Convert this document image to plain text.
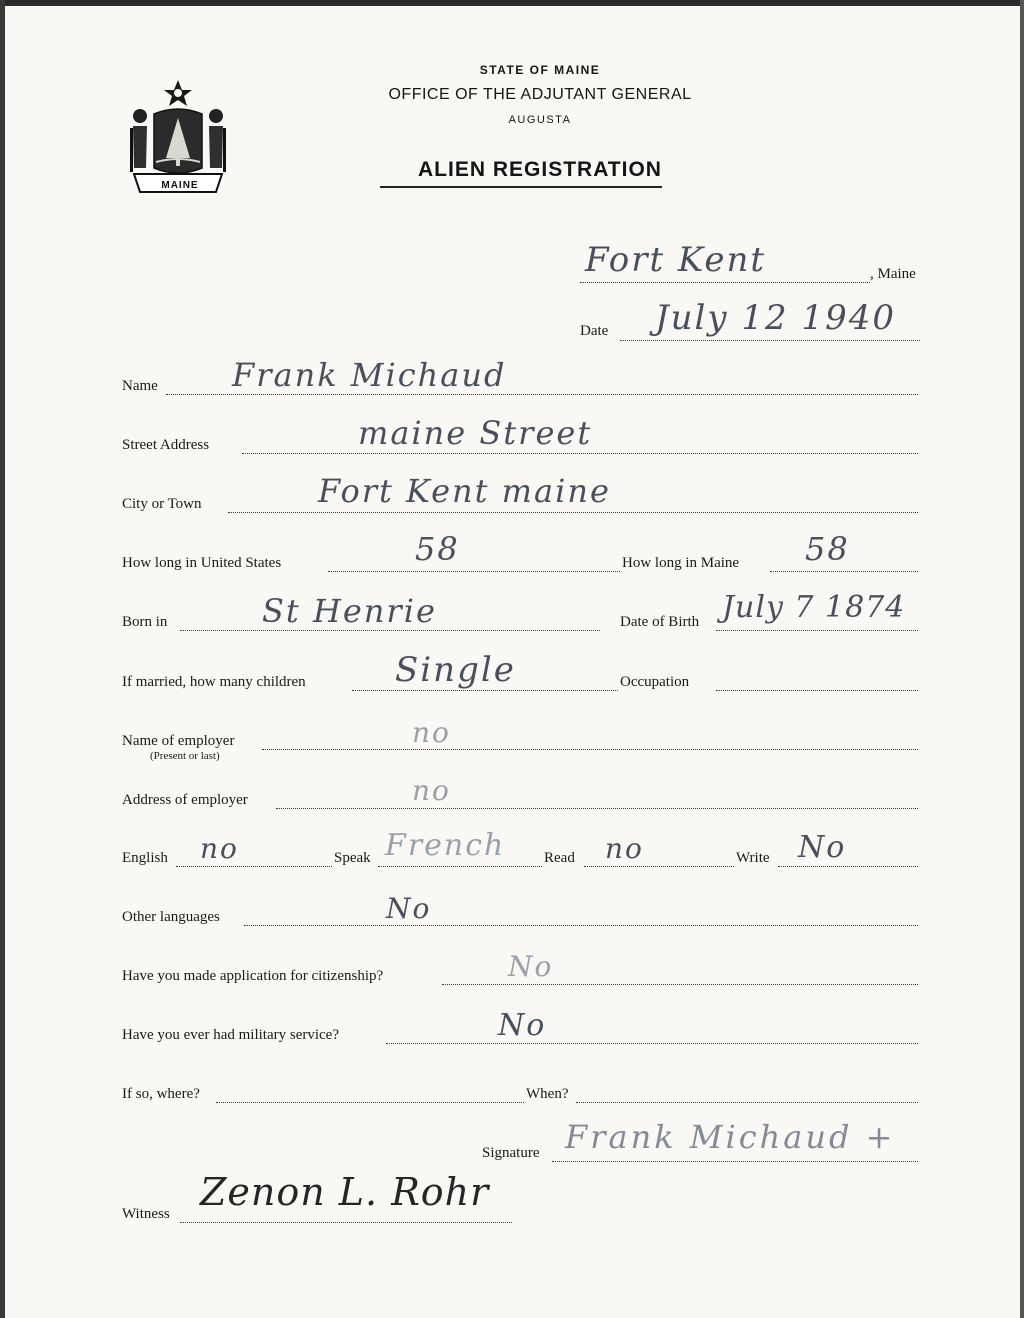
MAINE
STATE OF MAINE
OFFICE OF THE ADJUTANT GENERAL
AUGUSTA
ALIEN REGISTRATION
Fort Kent	, Maine
Date July 12 1940
Name Frank Michaud
Street Address	maine Street
City or Town	Fort Kent maine
How long in United States	58	How long in Maine 58
Born in	St Henrie	Date of Birth July 7 1874
If married, how many children	Single	Occupation
Name of employer
(Present or last)
no
Address of employer	no
English no	Speak French	Read no	Write No
Other languages	No
Have you made application for citizenship?	No
Have you ever had military service?	No
If so, where?	When?
Signature Frank Michaud +
Witness Zenon L. Rohr
